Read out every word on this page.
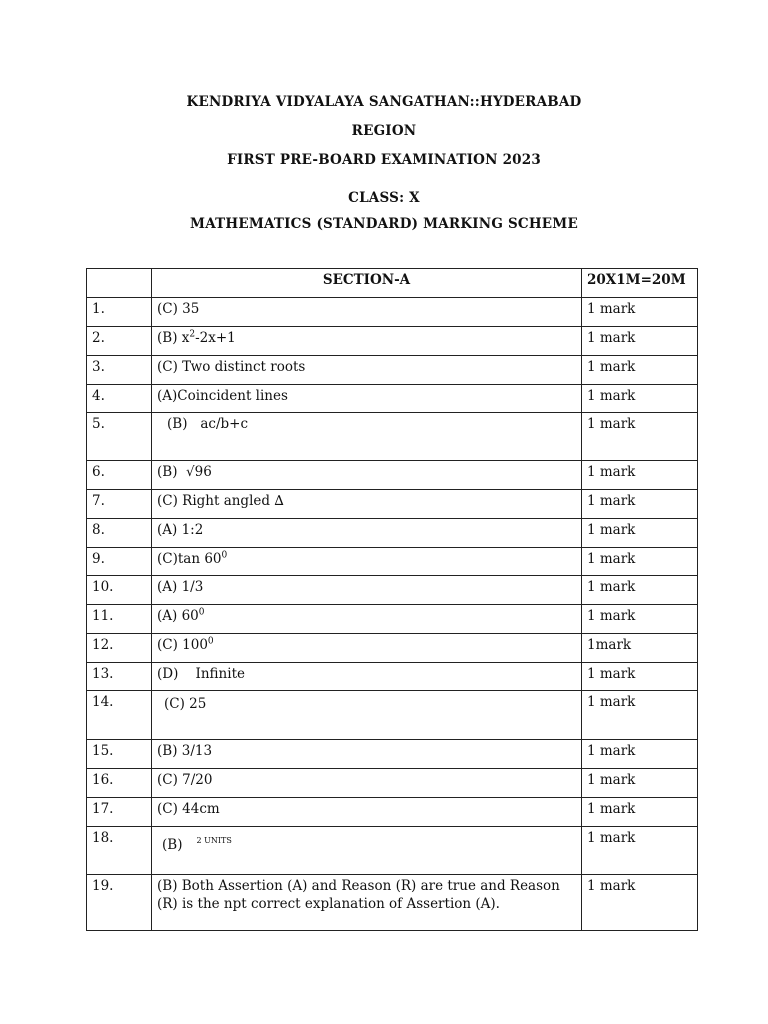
KENDRIYA VIDYALAYA SANGATHAN::HYDERABAD
REGION
FIRST PRE-BOARD EXAMINATION 2023
CLASS: X
MATHEMATICS (STANDARD) MARKING SCHEME
	SECTION-A	20X1M=20M
1.	(C) 35	1 mark
2.	(B) $x^2-2x+1$	1 mark
3.	(C) Two distinct roots	1 mark
4.	(A)Coincident lines	1 mark
5.	(B)   ac/b+c	1 mark
6.	(B)  √96	1 mark
7.	(C) Right angled ∆	1 mark
8.	(A) 1:2	1 mark
9.	(C)tan $60^0$	1 mark
10.	(A) 1/3	1 mark
11.	(A) $60^0$	1 mark
12.	(C) $100^0$	1mark
13.	(D)    Infinite	1 mark
14.	(C) 25	1 mark
15.	(B) 3/13	1 mark
16.	(C) 7/20	1 mark
17.	(C) 44cm	1 mark
18.	(B) $^{2 UNITS}$	1 mark
19.	(B) Both Assertion (A) and Reason (R) are true and Reason (R) is the npt correct explanation of Assertion (A).	1 mark
